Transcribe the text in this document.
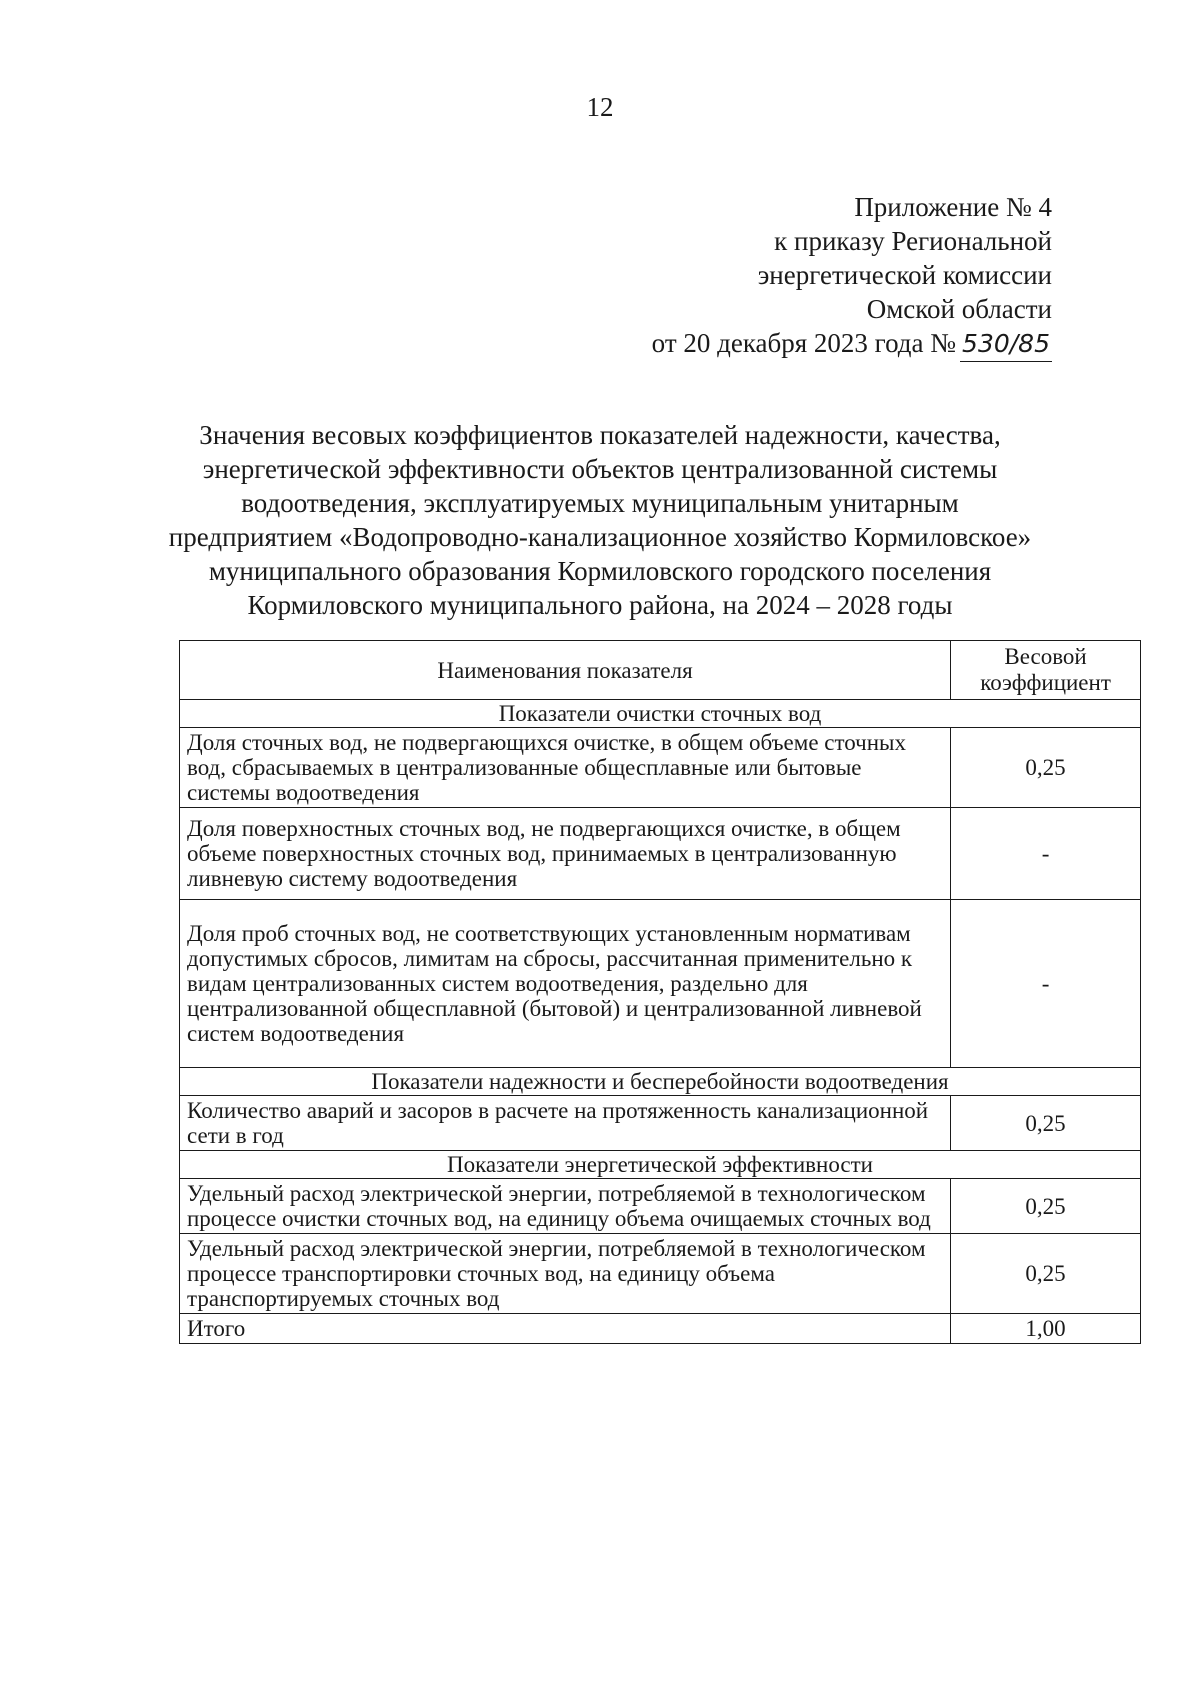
12
Приложение № 4
к приказу Региональной
энергетической комиссии
Омской области
от 20 декабря 2023 года № 530/85
Значения весовых коэффициентов показателей надежности, качества, энергетической эффективности объектов централизованной системы водоотведения, эксплуатируемых муниципальным унитарным предприятием «Водопроводно-канализационное хозяйство Кормиловское» муниципального образования Кормиловского городского поселения Кормиловского муниципального района, на 2024 – 2028 годы
Наименования показателя	Весовой коэффициент
Показатели очистки сточных вод	
Доля сточных вод, не подвергающихся очистке, в общем объеме сточных вод, сбрасываемых в централизованные общесплавные или бытовые системы водоотведения	0,25
Доля поверхностных сточных вод, не подвергающихся очистке, в общем объеме поверхностных сточных вод, принимаемых в централизованную ливневую систему водоотведения	-
Доля проб сточных вод, не соответствующих установленным нормативам допустимых сбросов, лимитам на сбросы, рассчитанная применительно к видам централизованных систем водоотведения, раздельно для централизованной общесплавной (бытовой) и централизованной ливневой систем водоотведения	-
Показатели надежности и бесперебойности водоотведения	
Количество аварий и засоров в расчете на протяженность канализационной сети в год	0,25
Показатели энергетической эффективности	
Удельный расход электрической энергии, потребляемой в технологическом процессе очистки сточных вод, на единицу объема очищаемых сточных вод	0,25
Удельный расход электрической энергии, потребляемой в технологическом процессе транспортировки сточных вод, на единицу объема транспортируемых сточных вод	0,25
Итого	1,00
